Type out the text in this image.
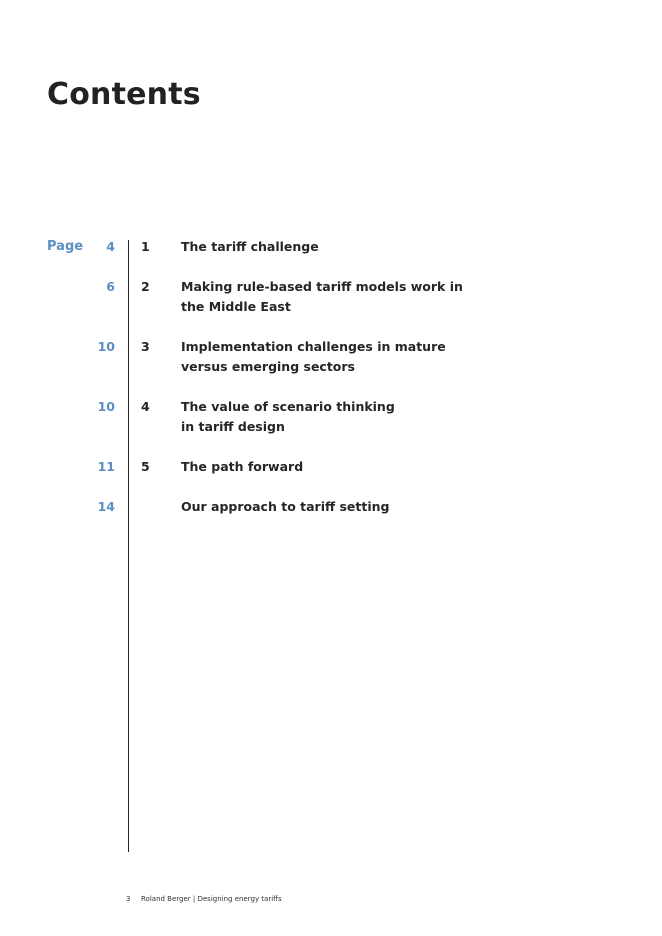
Contents
Page 4 1	The tariff challenge
6 2	Making rule-based tariff models work in the Middle East
10 3	Implementation challenges in mature versus emerging sectors
10 4	The value of scenario thinking in tariff design
11 5	The path forward
14	Our approach to tariff setting
3 Roland Berger | Designing energy tariffs
